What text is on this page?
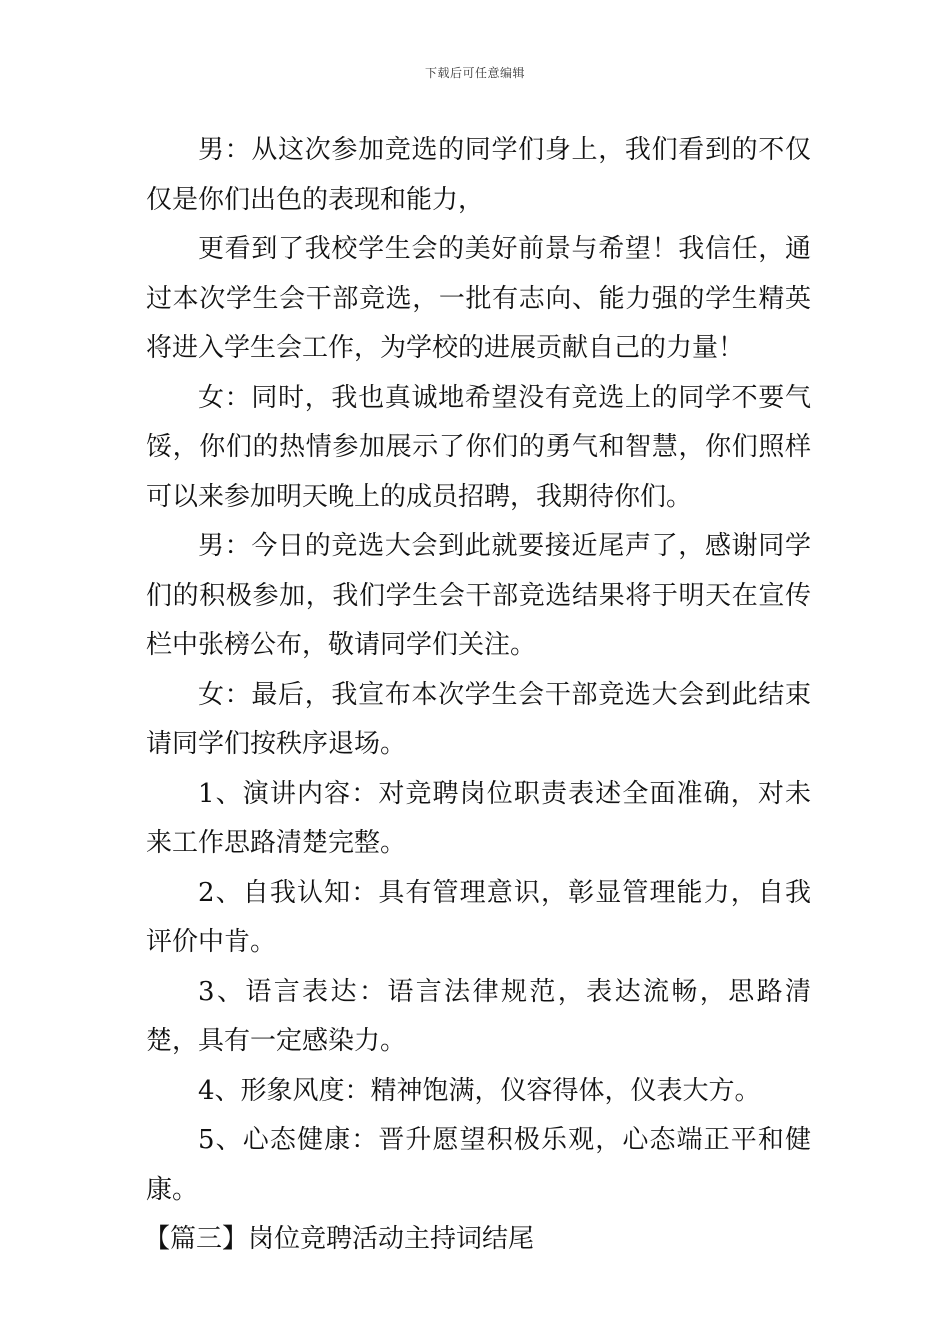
下载后可任意编辑

男：从这次参加竞选的同学们身上，我们看到的不仅仅是你们出色的表现和能力，

更看到了我校学生会的美好前景与希望！我信任，通过本次学生会干部竞选，一批有志向、能力强的学生精英将进入学生会工作，为学校的进展贡献自己的力量！

女：同时，我也真诚地希望没有竞选上的同学不要气馁，你们的热情参加展示了你们的勇气和智慧，你们照样可以来参加明天晚上的成员招聘，我期待你们。

男：今日的竞选大会到此就要接近尾声了，感谢同学们的积极参加，我们学生会干部竞选结果将于明天在宣传栏中张榜公布，敬请同学们关注。

女：最后，我宣布本次学生会干部竞选大会到此结束请同学们按秩序退场。

1、演讲内容：对竞聘岗位职责表述全面准确，对未来工作思路清楚完整。

2、自我认知：具有管理意识，彰显管理能力，自我评价中肯。

3、语言表达：语言法律规范，表达流畅，思路清楚，具有一定感染力。

4、形象风度：精神饱满，仪容得体，仪表大方。

5、心态健康：晋升愿望积极乐观，心态端正平和健康。

【篇三】岗位竞聘活动主持词结尾
